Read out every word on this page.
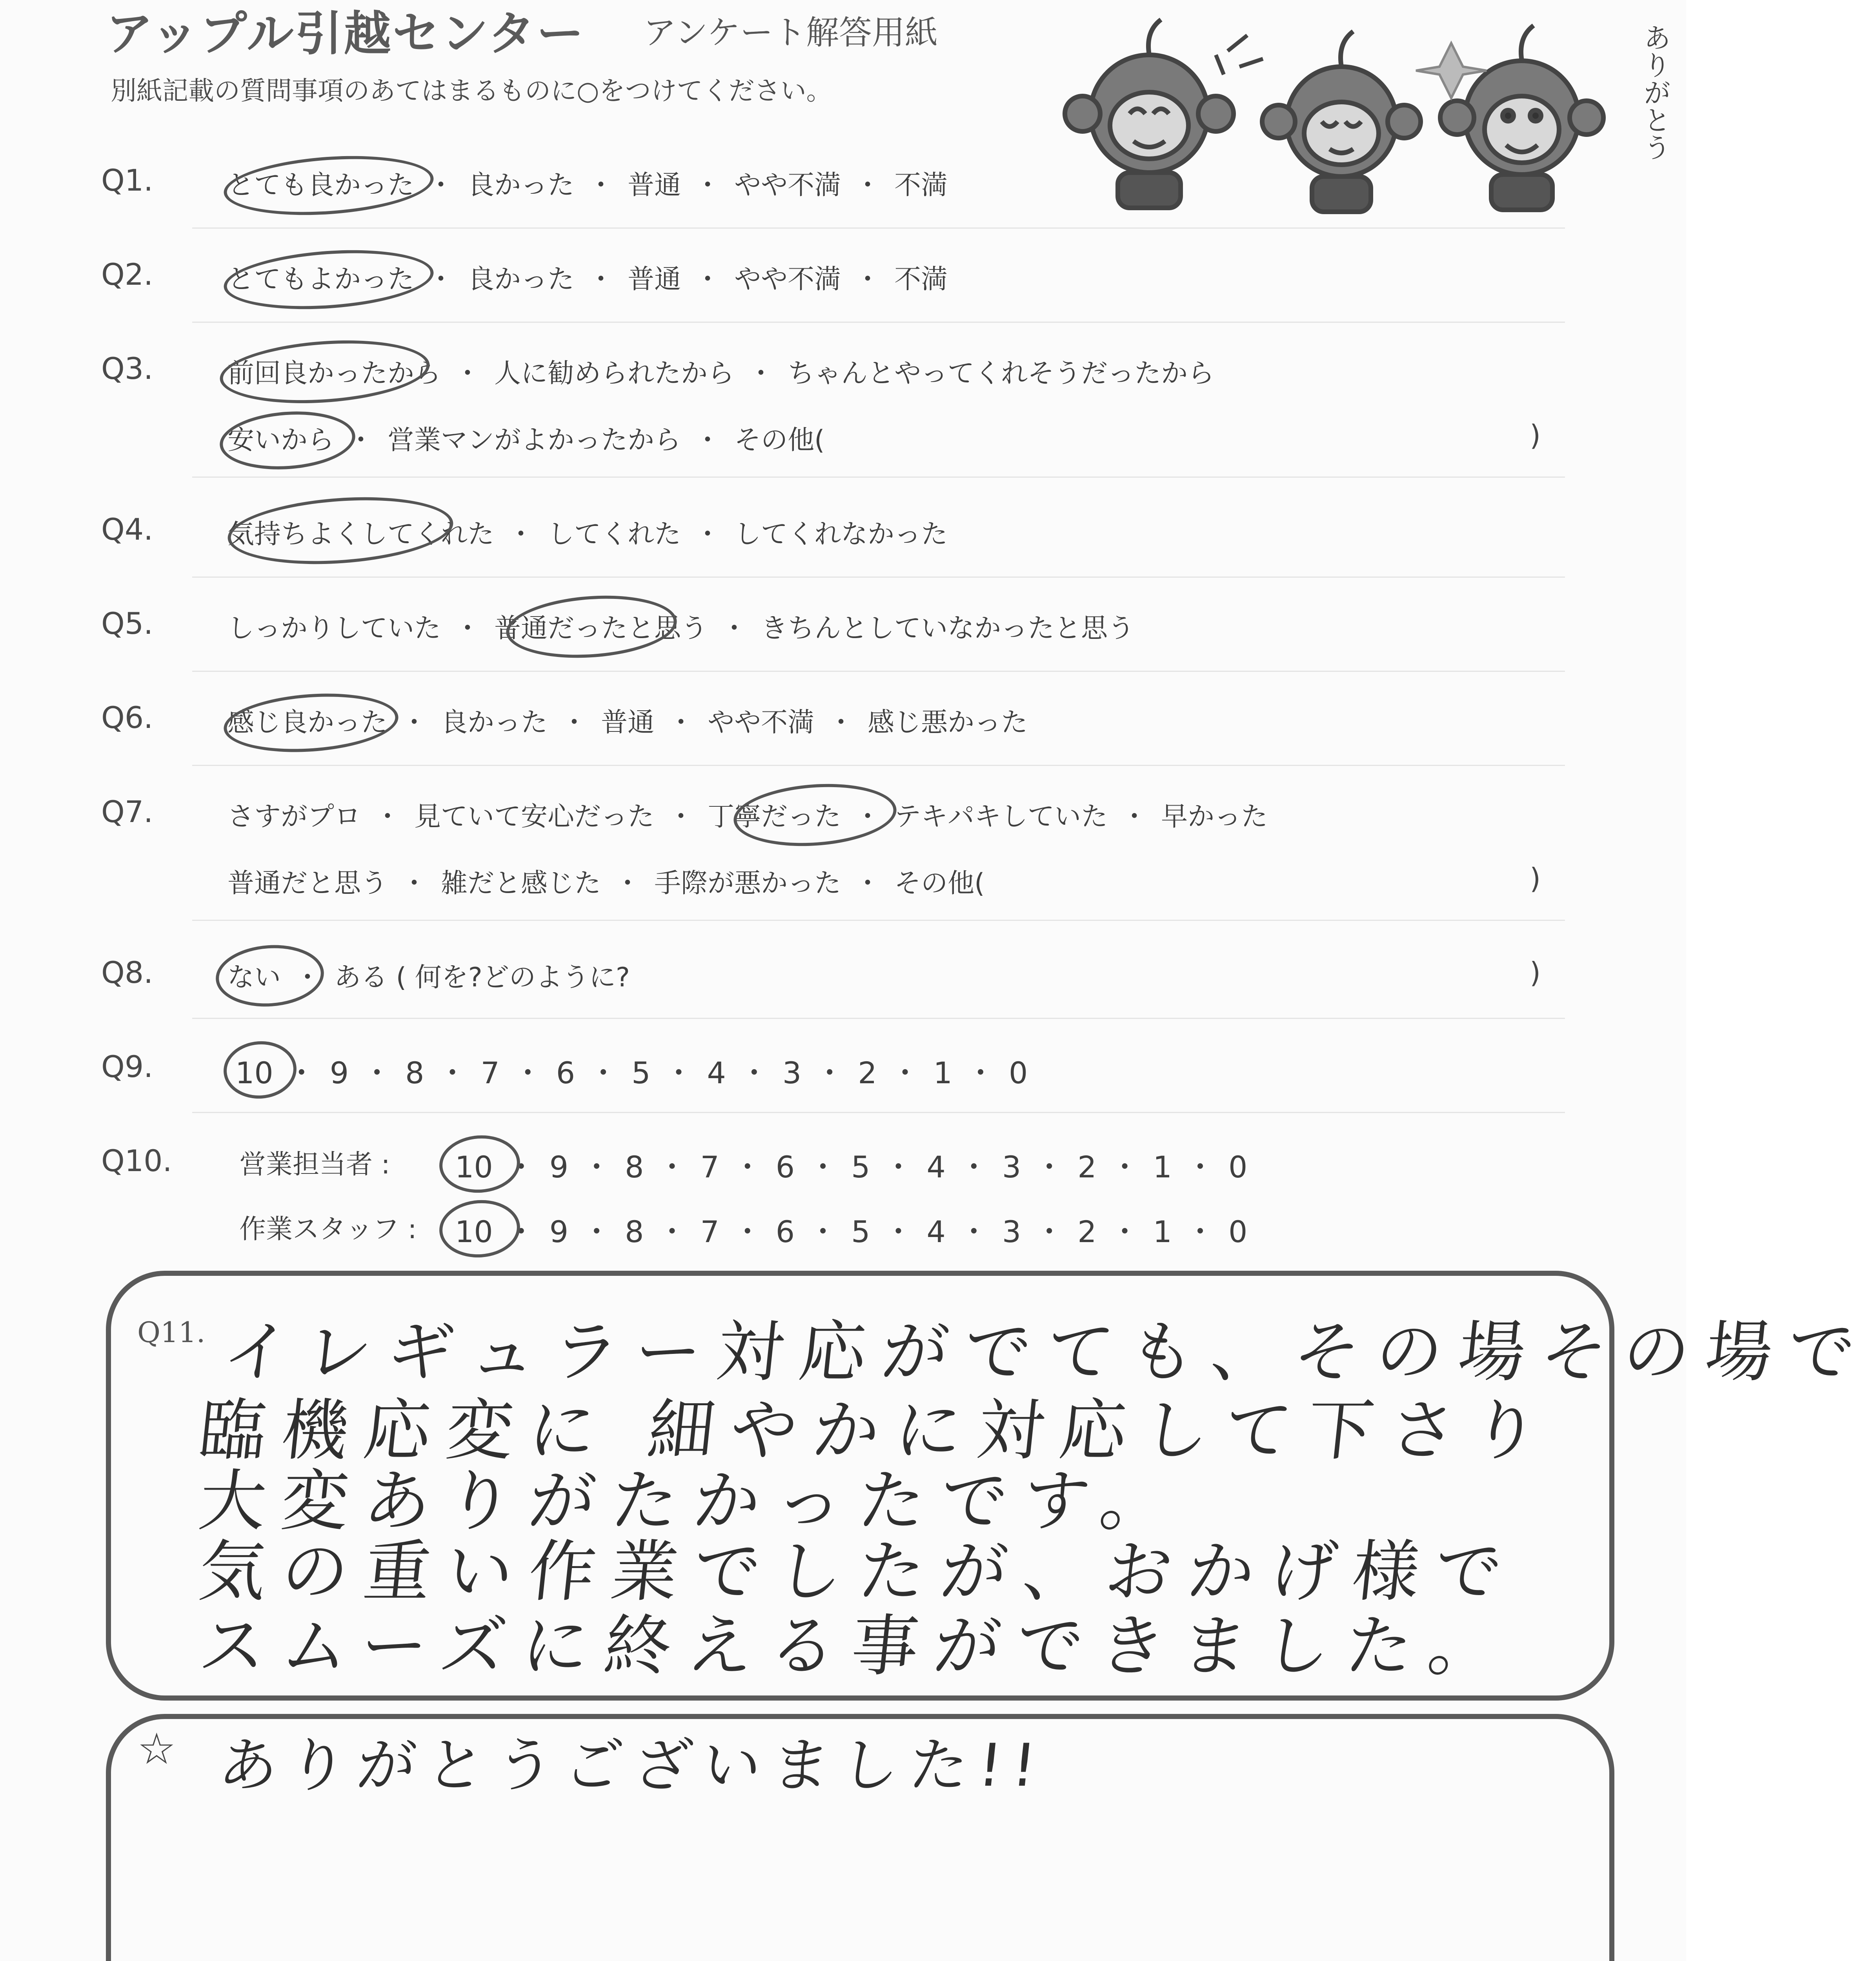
アップル引越センター アンケート解答用紙
別紙記載の質問事項のあてはまるものに○をつけてください。	ありがとう
Q1.	とても良かった ・ 良かった ・ 普通 ・ やや不満 ・ 不満
Q2.	とてもよかった ・ 良かった ・ 普通 ・ やや不満 ・ 不満
Q3.	前回良かったから ・ 人に勧められたから ・ ちゃんとやってくれそうだったから
安いから ・ 営業マンがよかったから ・ その他(	)
Q4.	気持ちよくしてくれた ・ してくれた ・ してくれなかった
Q5.	しっかりしていた ・ 普通だったと思う ・ きちんとしていなかったと思う
Q6.	感じ良かった ・ 良かった ・ 普通 ・ やや不満 ・ 感じ悪かった
Q7.	さすがプロ ・ 見ていて安心だった ・ 丁寧だった ・ テキパキしていた ・ 早かった
普通だと思う ・ 雑だと感じた ・ 手際が悪かった ・ その他(	)
Q8.	ない ・ ある ( 何を?どのように?	)
Q9.	10 ・ 9 ・ 8 ・ 7 ・ 6 ・ 5 ・ 4 ・ 3 ・ 2 ・ 1 ・ 0
Q10.	営業担当者 : 10 ・ 9 ・ 8 ・ 7 ・ 6 ・ 5 ・ 4 ・ 3 ・ 2 ・ 1 ・ 0
作業スタッフ : 10 ・ 9 ・ 8 ・ 7 ・ 6 ・ 5 ・ 4 ・ 3 ・ 2 ・ 1 ・ 0
Q11. イレギュラー対応がでても、その場その場で
臨機応変に 細やかに対応して下さり
大変ありがたかったです。
気の重い作業でしたが、おかげ様で
スムーズに終える事ができました。
☆ ありがとうございました!!
